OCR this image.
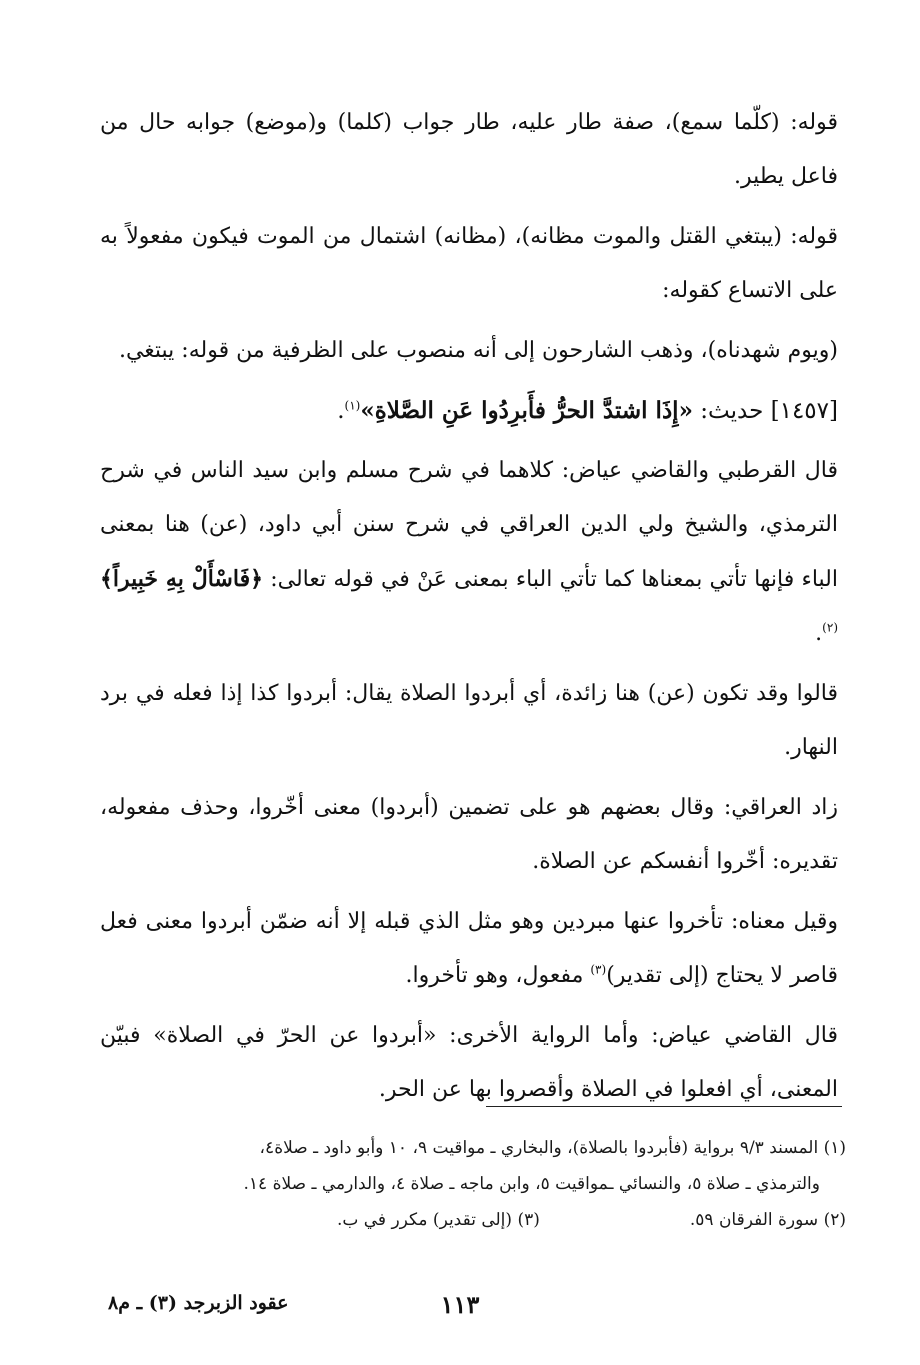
قوله: (كلّما سمع)، صفة طار عليه، طار جواب (كلما) و(موضع) جوابه حال من فاعل يطير.

قوله: (يبتغي القتل والموت مظانه)، (مظانه) اشتمال من الموت فيكون مفعولاً به على الاتساع كقوله:

(ويوم شهدناه)، وذهب الشارحون إلى أنه منصوب على الظرفية من قوله: يبتغي.

[١٤٥٧] حديث: «إِذَا اشتدَّ الحرُّ فأَبرِدُوا عَنِ الصَّلاةِ»$^{(١)}$.

قال القرطبي والقاضي عياض: كلاهما في شرح مسلم وابن سيد الناس في شرح الترمذي، والشيخ ولي الدين العراقي في شرح سنن أبي داود، (عن) هنا بمعنى الباء فإنها تأتي بمعناها كما تأتي الباء بمعنى عَنْ في قوله تعالى: ﴿فَاسْأَلْ بِهِ خَبِيراً﴾$^{(٢)}$.

قالوا وقد تكون (عن) هنا زائدة، أي أبردوا الصلاة يقال: أبردوا كذا إذا فعله في برد النهار.

زاد العراقي: وقال بعضهم هو على تضمين (أبردوا) معنى أخّروا، وحذف مفعوله، تقديره: أخّروا أنفسكم عن الصلاة.

وقيل معناه: تأخروا عنها مبردين وهو مثل الذي قبله إلا أنه ضمّن أبردوا معنى فعل قاصر لا يحتاج (إلى تقدير)$^{(٣)}$ مفعول، وهو تأخروا.

قال القاضي عياض: وأما الرواية الأخرى: «أبردوا عن الحرّ في الصلاة» فبيّن المعنى، أي افعلوا في الصلاة وأقصروا بها عن الحر.

(١) المسند ٩/٣ برواية (فأبردوا بالصلاة)، والبخاري ـ مواقيت ٩، ١٠ وأبو داود ـ صلاة٤،

والترمذي ـ صلاة ٥، والنسائي ـمواقيت ٥، وابن ماجه ـ صلاة ٤، والدارمي ـ صلاة ١٤.

(٢) سورة الفرقان ٥٩.
(٣) (إلى تقدير) مكرر في ب.
١١٣
عقود الزبرجد (٣) ـ م٨
